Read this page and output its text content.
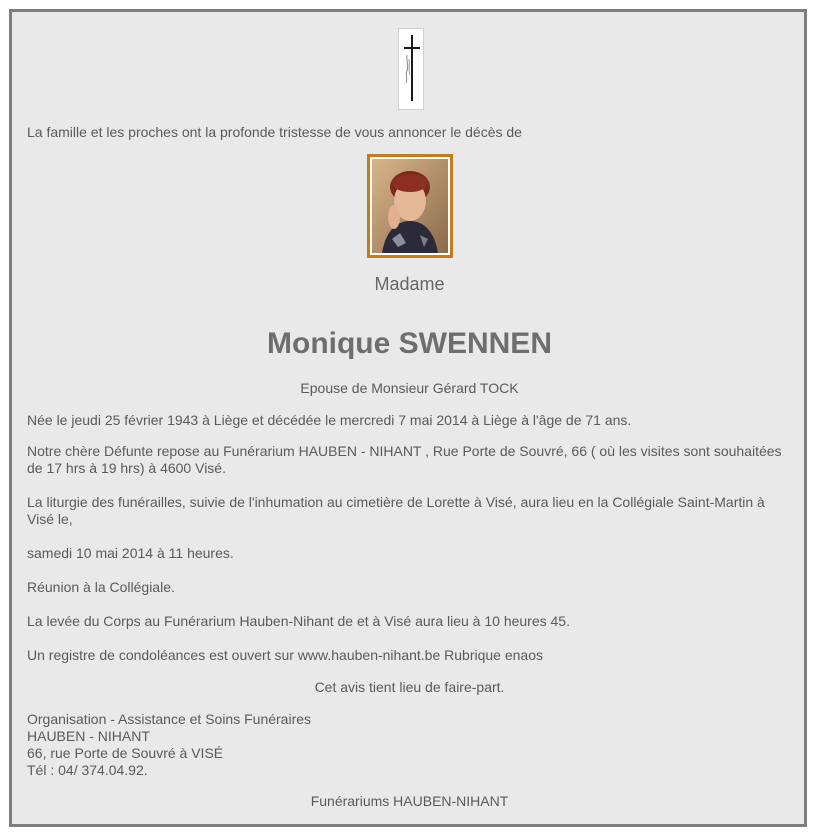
La famille et les proches ont la profonde tristesse de vous annoncer le décès de

Madame

Monique SWENNEN

Epouse de Monsieur Gérard TOCK

Née le jeudi 25 février 1943 à Liège et décédée le mercredi 7 mai 2014 à Liège à l'âge de 71 ans.

Notre chère Défunte repose au Funérarium HAUBEN - NIHANT , Rue Porte de Souvré, 66 ( où les visites sont souhaitées de 17 hrs à 19 hrs) à 4600 Visé.

La liturgie des funérailles, suivie de l'inhumation au cimetière de Lorette à Visé, aura lieu en la Collégiale Saint-Martin à Visé le,

samedi 10 mai 2014 à 11 heures.

Réunion à la Collégiale.

La levée du Corps au Funérarium Hauben-Nihant de et à Visé aura lieu à 10 heures 45.

Un registre de condoléances est ouvert sur www.hauben-nihant.be Rubrique enaos

Cet avis tient lieu de faire-part.

Organisation - Assistance et Soins Funéraires
HAUBEN - NIHANT
66, rue Porte de Souvré à VISÉ
Tél : 04/ 374.04.92.

Funérariums HAUBEN-NIHANT
